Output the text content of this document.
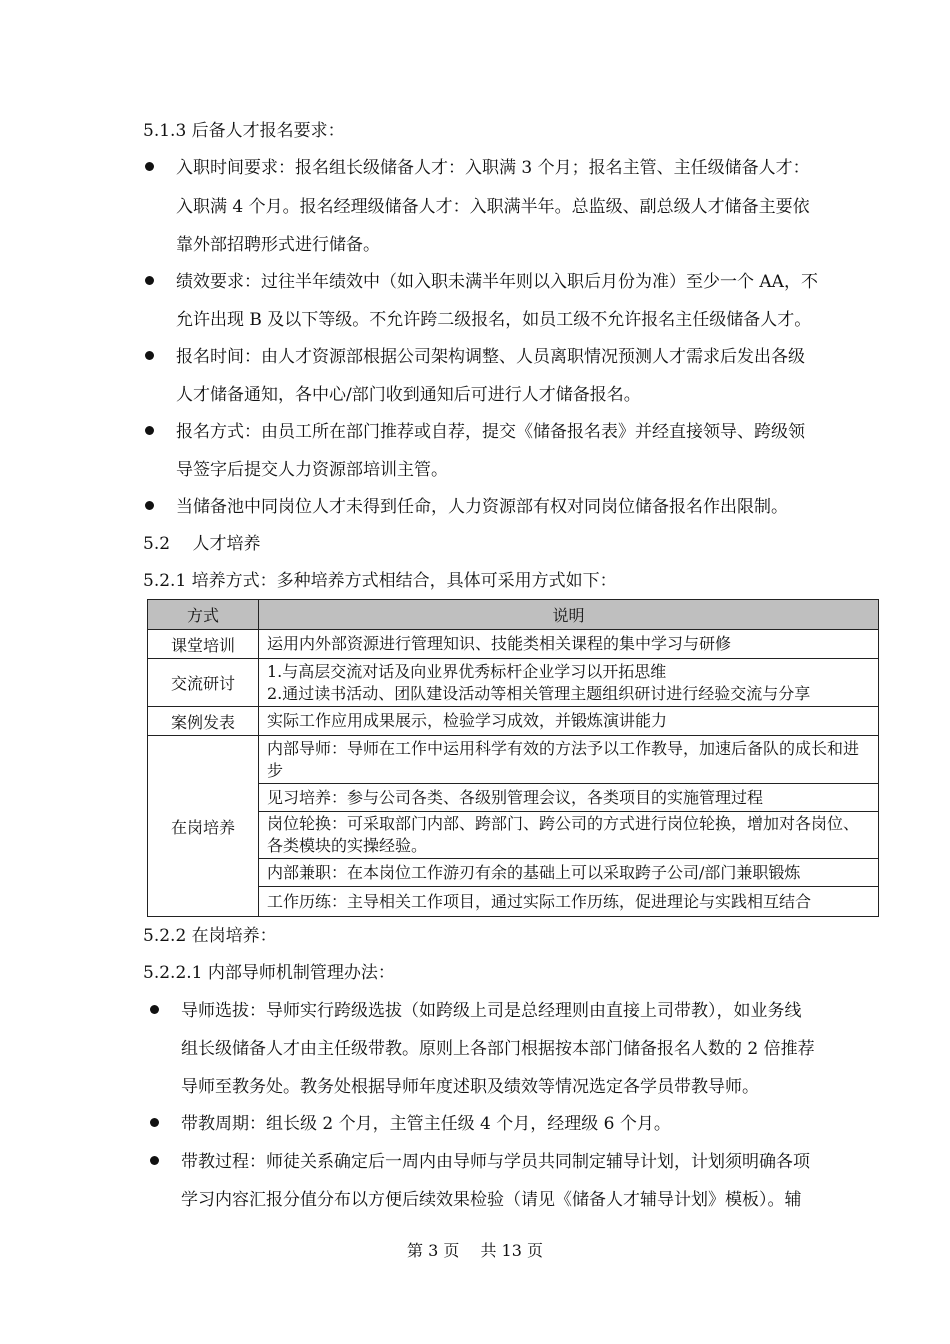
5.1.3 后备人才报名要求：
入职时间要求：报名组长级储备人才：入职满 3 个月；报名主管、主任级储备人才：
入职满 4 个月。报名经理级储备人才：入职满半年。总监级、副总级人才储备主要依
靠外部招聘形式进行储备。
绩效要求：过往半年绩效中（如入职未满半年则以入职后月份为准）至少一个 AA，不
允许出现 B 及以下等级。不允许跨二级报名，如员工级不允许报名主任级储备人才。
报名时间：由人才资源部根据公司架构调整、人员离职情况预测人才需求后发出各级
人才储备通知，各中心/部门收到通知后可进行人才储备报名。
报名方式：由员工所在部门推荐或自荐，提交《储备报名表》并经直接领导、跨级领
导签字后提交人力资源部培训主管。
当储备池中同岗位人才未得到任命，人力资源部有权对同岗位储备报名作出限制。
5.2　 人才培养
5.2.1 培养方式：多种培养方式相结合，具体可采用方式如下：
方式	说明
课堂培训	运用内外部资源进行管理知识、技能类相关课程的集中学习与研修
交流研讨	1.与高层交流对话及向业界优秀标杆企业学习以开拓思维
2.通过读书活动、团队建设活动等相关管理主题组织研讨进行经验交流与分享

案例发表	实际工作应用成果展示，检验学习成效，并锻炼演讲能力
在岗培养	内部导师：导师在工作中运用科学有效的方法予以工作教导，加速后备队的成长和进步
	见习培养：参与公司各类、各级别管理会议，各类项目的实施管理过程
	岗位轮换：可采取部门内部、跨部门、跨公司的方式进行岗位轮换，增加对各岗位、各类模块的实操经验。
	内部兼职：在本岗位工作游刃有余的基础上可以采取跨子公司/部门兼职锻炼
	工作历练：主导相关工作项目，通过实际工作历练，促进理论与实践相互结合
5.2.2 在岗培养：
5.2.2.1 内部导师机制管理办法：
导师选拔：导师实行跨级选拔（如跨级上司是总经理则由直接上司带教），如业务线
组长级储备人才由主任级带教。原则上各部门根据按本部门储备报名人数的 2 倍推荐
导师至教务处。教务处根据导师年度述职及绩效等情况选定各学员带教导师。
带教周期：组长级 2 个月，主管主任级 4 个月，经理级 6 个月。
带教过程：师徒关系确定后一周内由导师与学员共同制定辅导计划，计划须明确各项
学习内容汇报分值分布以方便后续效果检验（请见《储备人才辅导计划》模板）。辅
第 3 页　 共 13 页
